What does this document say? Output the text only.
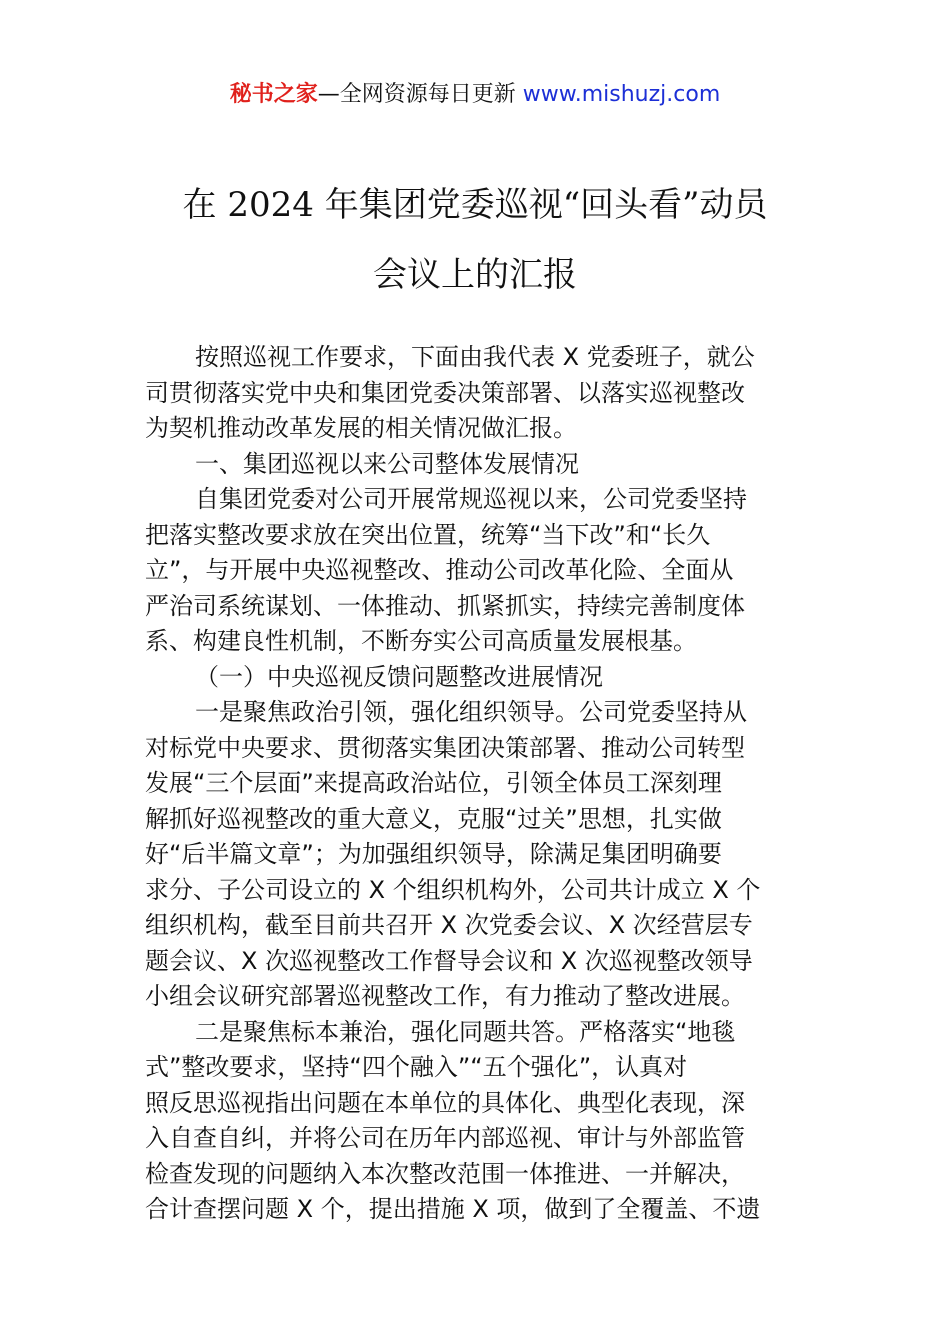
秘书之家—全网资源每日更新 www.mishuzj.com
在 2024 年集团党委巡视“回头看”动员
会议上的汇报
按照巡视工作要求，下面由我代表 X 党委班子，就公
司贯彻落实党中央和集团党委决策部署、以落实巡视整改
为契机推动改革发展的相关情况做汇报。
一、集团巡视以来公司整体发展情况
自集团党委对公司开展常规巡视以来，公司党委坚持
把落实整改要求放在突出位置，统筹“当下改”和“长久
立”，与开展中央巡视整改、推动公司改革化险、全面从
严治司系统谋划、一体推动、抓紧抓实，持续完善制度体
系、构建良性机制，不断夯实公司高质量发展根基。
（一）中央巡视反馈问题整改进展情况
一是聚焦政治引领，强化组织领导。公司党委坚持从
对标党中央要求、贯彻落实集团决策部署、推动公司转型
发展“三个层面”来提高政治站位，引领全体员工深刻理
解抓好巡视整改的重大意义，克服“过关”思想，扎实做
好“后半篇文章”；为加强组织领导，除满足集团明确要
求分、子公司设立的 X 个组织机构外，公司共计成立 X 个
组织机构，截至目前共召开 X 次党委会议、X 次经营层专
题会议、X 次巡视整改工作督导会议和 X 次巡视整改领导
小组会议研究部署巡视整改工作，有力推动了整改进展。
二是聚焦标本兼治，强化同题共答。严格落实“地毯
式”整改要求，坚持“四个融入”“五个强化”，认真对
照反思巡视指出问题在本单位的具体化、典型化表现，深
入自查自纠，并将公司在历年内部巡视、审计与外部监管
检查发现的问题纳入本次整改范围一体推进、一并解决，
合计查摆问题 X 个，提出措施 X 项，做到了全覆盖、不遗
